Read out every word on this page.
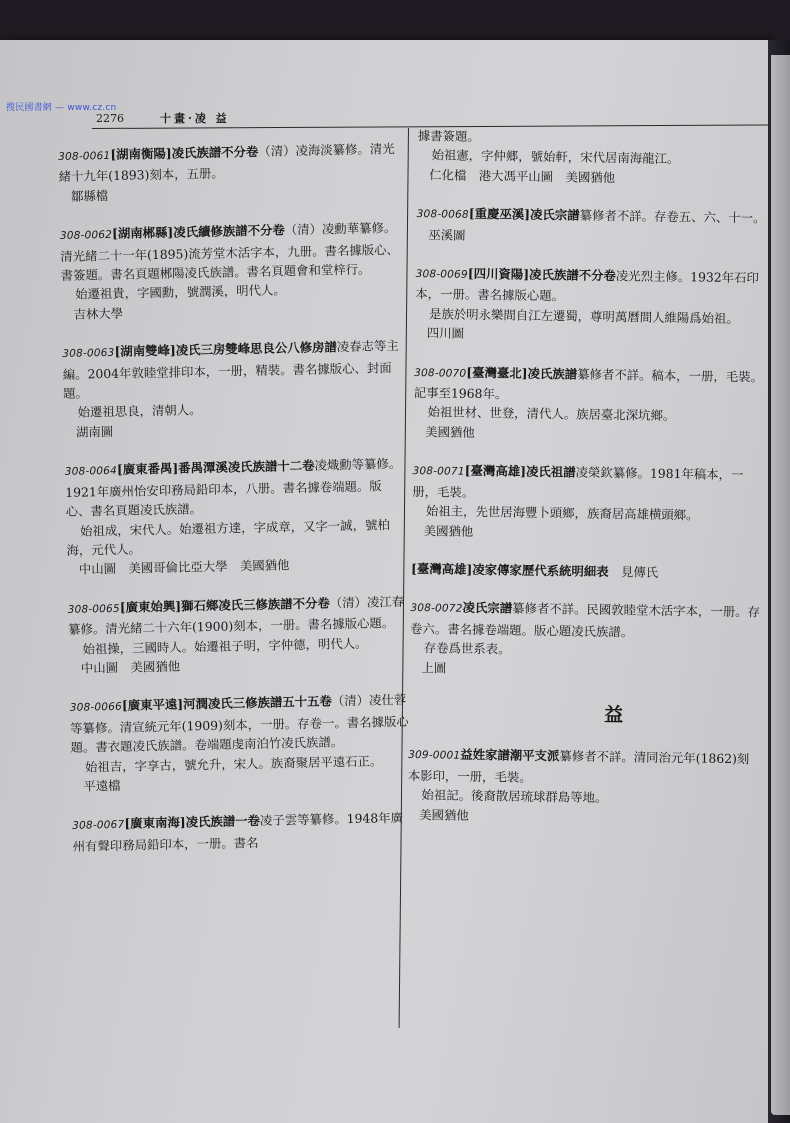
搜民國書網 — www.cz.cn
2276	十畫·凌 益

308-0061[湖南衡陽]凌氏族譜不分卷（清）凌海淡纂修。清光緒十九年(1893)刻本，五册。

鄒縣檔

308-0062[湖南郴縣]凌氏續修族譜不分卷（清）凌勳華纂修。清光緒二十一年(1895)流芳堂木活字本，九册。書名據版心、書簽題。書名頁題郴陽凌氏族譜。書名頁題會和堂梓行。

始遷祖貴，字國勳，號潤溪，明代人。

吉林大學

308-0063[湖南雙峰]凌氏三房雙峰思良公八修房譜凌春志等主編。2004年敦睦堂排印本，一册，精裝。書名據版心、封面題。

始遷祖思良，清朝人。

湖南圖

308-0064[廣東番禺]番禺潭溪凌氏族譜十二卷凌熾勳等纂修。1921年廣州怡安印務局鉛印本，八册。書名據卷端題。版心、書名頁題凌氏族譜。

始祖成，宋代人。始遷祖方達，字成章，又字一誠，號柏海，元代人。

中山圖　美國哥倫比亞大學　美國猶他

308-0065[廣東始興]獅石鄉凌氏三修族譜不分卷（清）凌江春纂修。清光緒二十六年(1900)刻本，一册。書名據版心題。

始祖操，三國時人。始遷祖子明，字仲德，明代人。

中山圖　美國猶他

308-0066[廣東平遠]河潤凌氏三修族譜五十五卷（清）凌仕蓉等纂修。清宣統元年(1909)刻本，一册。存卷一。書名據版心題。書衣題凌氏族譜。卷端題虔南泊竹凌氏族譜。

始祖吉，字享古，號允升，宋人。族裔聚居平遠石正。

平遠檔

308-0067[廣東南海]凌氏族譜一卷凌子雲等纂修。1948年廣州有聲印務局鉛印本，一册。書名

據書簽題。

始祖憲，字仲郷，號始軒，宋代居南海龍江。

仁化檔　港大馮平山圖　美國猶他

308-0068[重慶巫溪]凌氏宗譜纂修者不詳。存卷五、六、十一。

巫溪圖

308-0069[四川資陽]凌氏族譜不分卷凌光烈主修。1932年石印本，一册。書名據版心題。

是族於明永樂間自江左遷蜀，尊明萬曆間人維陽爲始祖。

四川圖

308-0070[臺灣臺北]凌氏族譜纂修者不詳。稿本，一册，毛裝。記事至1968年。

始祖世材、世登，清代人。族居臺北深坑鄉。

美國猶他

308-0071[臺灣高雄]凌氏祖譜凌榮欽纂修。1981年稿本，一册，毛裝。

始祖主，先世居海豐卜頭鄉，族裔居高雄横頭鄉。

美國猶他

[臺灣高雄]凌家傳家歷代系統明細表　 見傳氏

308-0072凌氏宗譜纂修者不詳。民國敦睦堂木活字本，一册。存卷六。書名據卷端題。版心題凌氏族譜。

存卷爲世系表。

上圖

益

309-0001益姓家譜潮平支派纂修者不詳。清同治元年(1862)刻本影印，一册，毛裝。

始祖記。後裔散居琉球群島等地。

美國猶他
